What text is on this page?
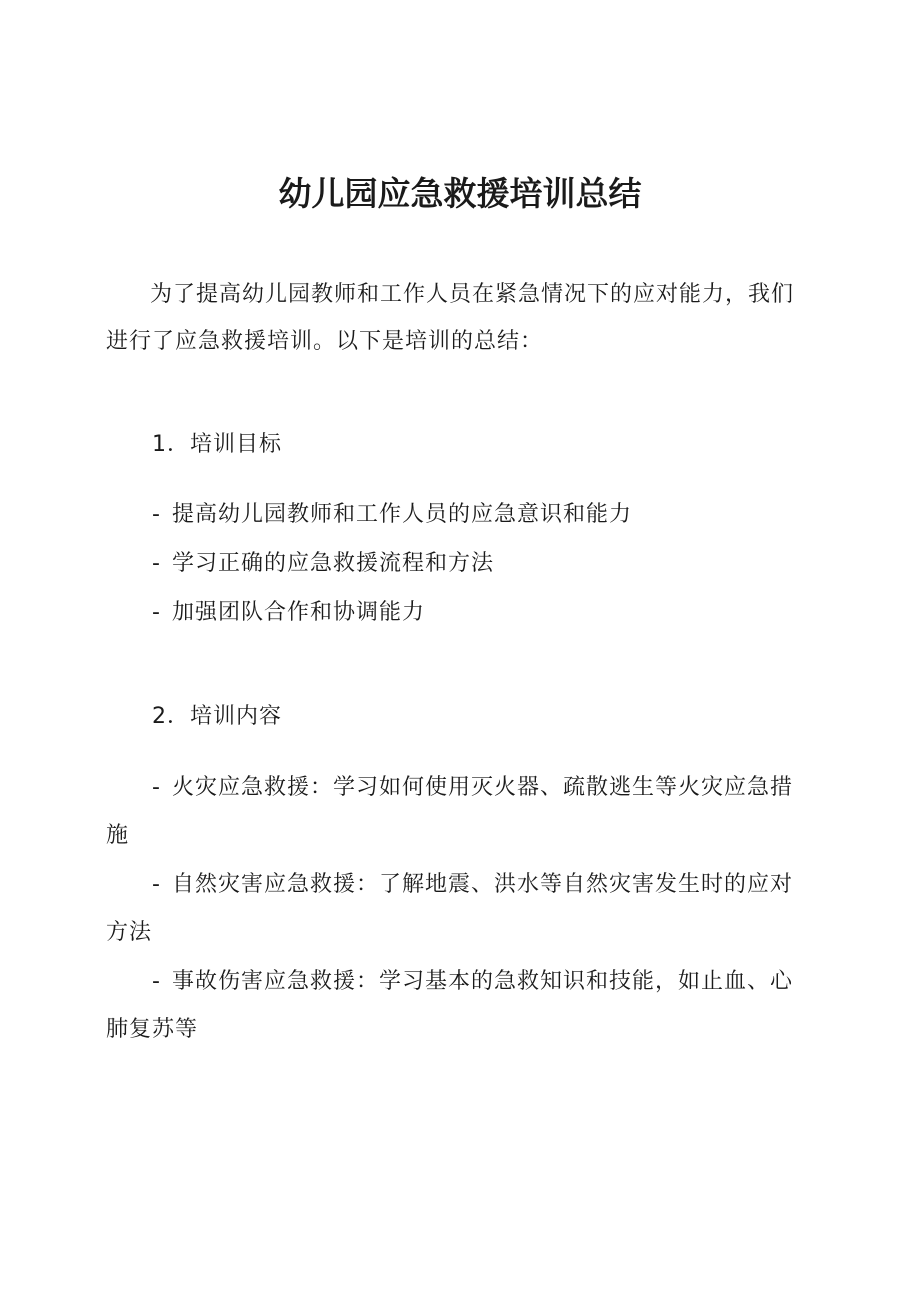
幼儿园应急救援培训总结
为了提高幼儿园教师和工作人员在紧急情况下的应对能力，我们
进行了应急救援培训。以下是培训的总结：
1．培训目标
- 提高幼儿园教师和工作人员的应急意识和能力
- 学习正确的应急救援流程和方法
- 加强团队合作和协调能力
2．培训内容
- 火灾应急救援：学习如何使用灭火器、疏散逃生等火灾应急措
施
- 自然灾害应急救援：了解地震、洪水等自然灾害发生时的应对
方法
- 事故伤害应急救援：学习基本的急救知识和技能，如止血、心
肺复苏等
